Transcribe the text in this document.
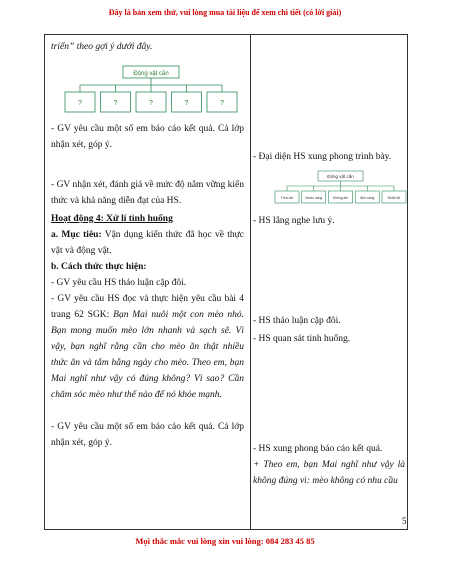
Đây là bản xem thử, vui lòng mua tài liệu để xem chi tiết (có lời giải)
triển” theo gợi ý dưới đây.
Động vật cần
?	?	?	?	?
- GV yêu cầu một số em báo cáo kết quả. Cả lớp nhận xét, góp ý.
- GV nhận xét, đánh giá về mức độ nắm vững kiến thức và khả năng diễn đạt của HS.
Hoạt động 4: Xử lí tình huống
a. Mục tiêu: Vận dụng kiến thức đã học về thực vật và động vật.
b. Cách thức thực hiện:
- GV yêu cầu HS thảo luận cặp đôi.
- GV yêu cầu HS đọc và thực hiện yêu cầu bài 4 trang 62 SGK: Bạn Mai nuôi một con mèo nhỏ. Bạn mong muốn mèo lớn nhanh và sạch sẽ. Vì vậy, bạn nghĩ rằng cần cho mèo ăn thật nhiều thức ăn và tắm hằng ngày cho mèo. Theo em, bạn Mai nghĩ như vậy có đúng không? Vì sao? Cần chăm sóc mèo như thế nào để nó khỏe mạnh.
- GV yêu cầu một số em báo cáo kết quả. Cả lớp nhận xét, góp ý.
- Đại diện HS xung phong trình bày.
Động vật cần
Thức ăn	Nước uống	Không khí	Ánh sáng	Nhiệt độ
- HS lắng nghe lưu ý.
- HS thảo luận cặp đôi.
- HS quan sát tình huống.
- HS xung phong báo cáo kết quả.
+ Theo em, bạn Mai nghĩ như vậy là không đúng vì: mèo không có nhu cầu
5
Mọi thắc mắc vui lòng xin vui lòng: 084 283 45 85
